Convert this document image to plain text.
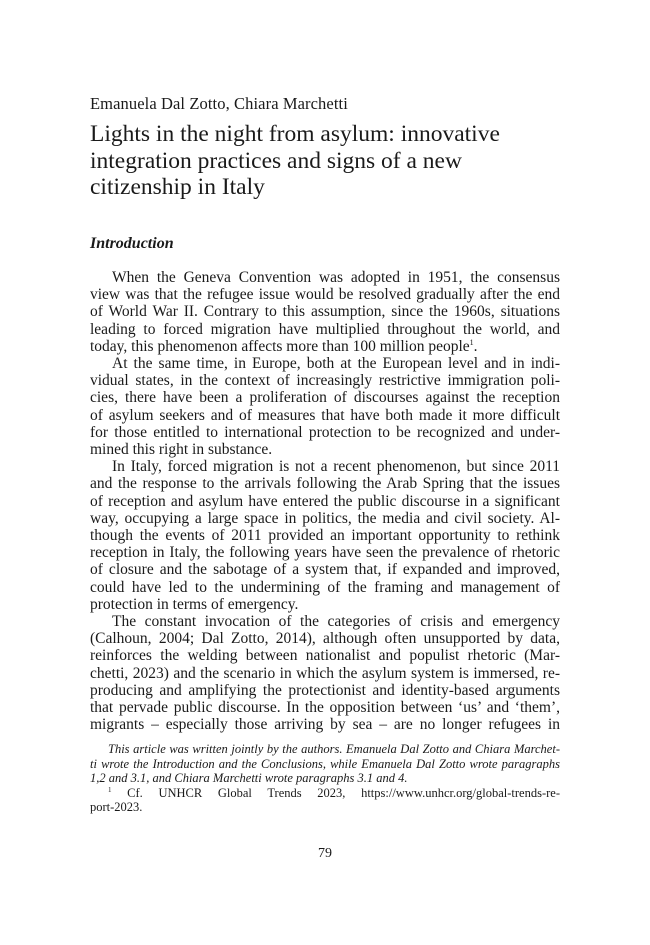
Emanuela Dal Zotto, Chiara Marchetti
Lights in the night from asylum: innovative
integration practices and signs of a new
citizenship in Italy
Introduction

When the Geneva Convention was adopted in 1951, the consensus
view was that the refugee issue would be resolved gradually after the end
of World War II. Contrary to this assumption, since the 1960s, situations
leading to forced migration have multiplied throughout the world, and
today, this phenomenon affects more than 100 million people$^1$.

At the same time, in Europe, both at the European level and in indi-
vidual states, in the context of increasingly restrictive immigration poli-
cies, there have been a proliferation of discourses against the reception
of asylum seekers and of measures that have both made it more difficult
for those entitled to international protection to be recognized and under-
mined this right in substance.

In Italy, forced migration is not a recent phenomenon, but since 2011
and the response to the arrivals following the Arab Spring that the issues
of reception and asylum have entered the public discourse in a significant
way, occupying a large space in politics, the media and civil society. Al-
though the events of 2011 provided an important opportunity to rethink
reception in Italy, the following years have seen the prevalence of rhetoric
of closure and the sabotage of a system that, if expanded and improved,
could have led to the undermining of the framing and management of
protection in terms of emergency.

The constant invocation of the categories of crisis and emergency
(Calhoun, 2004; Dal Zotto, 2014), although often unsupported by data,
reinforces the welding between nationalist and populist rhetoric (Mar-
chetti, 2023) and the scenario in which the asylum system is immersed, re-
producing and amplifying the protectionist and identity-based arguments
that pervade public discourse. In the opposition between ‘us’ and ‘them’,
migrants – especially those arriving by sea – are no longer refugees in

This article was written jointly by the authors. Emanuela Dal Zotto and Chiara Marchet-
ti wrote the Introduction and the Conclusions, while Emanuela Dal Zotto wrote paragraphs
1,2 and 3.1, and Chiara Marchetti wrote paragraphs 3.1 and 4.

$^1$ Cf. UNHCR Global Trends 2023, https://www.unhcr.org/global-trends-re-
port-2023.

79
